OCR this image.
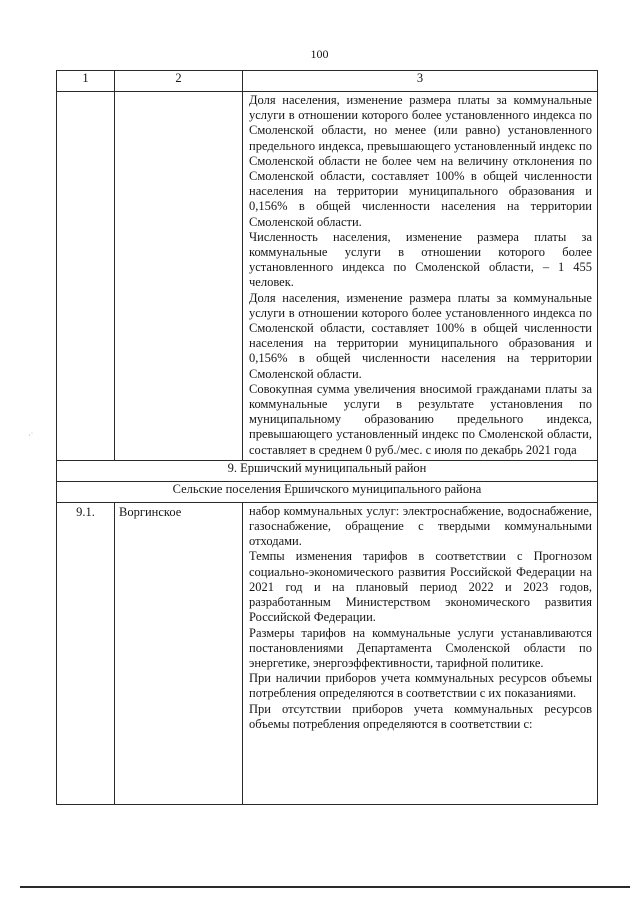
100
1	2	3

		Доля населения, изменение размера платы за коммунальные услуги в отношении которого более установленного индекса по Смоленской области, но менее (или равно) установленного предельного индекса, превышающего установленный индекс по Смоленской области не более чем на величину отклонения по Смоленской области, составляет 100% в общей численности населения на территории муниципального образования и 0,156% в общей численности населения на территории Смоленской области.

Численность населения, изменение размера платы за коммунальные услуги в отношении которого более установленного индекса по Смоленской области, – 1 455 человек.

Доля населения, изменение размера платы за коммунальные услуги в отношении которого более установленного индекса по Смоленской области, составляет 100% в общей численности населения на территории муниципального образования и 0,156% в общей численности населения на территории Смоленской области.

Совокупная сумма увеличения вносимой гражданами платы за коммунальные услуги в результате установления по муниципальному образованию предельного индекса, превышающего установленный индекс по Смоленской области, составляет в среднем 0 руб./мес. с июля по декабрь 2021 года

9. Ершичский муниципальный район		
Сельские поселения Ершичского муниципального района		
9.1.	Воргинское	набор коммунальных услуг: электроснабжение, водоснабжение, газоснабжение, обращение с твердыми коммунальными отходами.

Темпы изменения тарифов в соответствии с Прогнозом социально-экономического развития Российской Федерации на 2021 год и на плановый период 2022 и 2023 годов, разработанным Министерством экономического развития Российской Федерации.

Размеры тарифов на коммунальные услуги устанавливаются постановлениями Департамента Смоленской области по энергетике, энергоэффективности, тарифной политике.

При наличии приборов учета коммунальных ресурсов объемы потребления определяются в соответствии с их показаниями.

При отсутствии приборов учета коммунальных ресурсов объемы потребления определяются в соответствии с:

·˙
